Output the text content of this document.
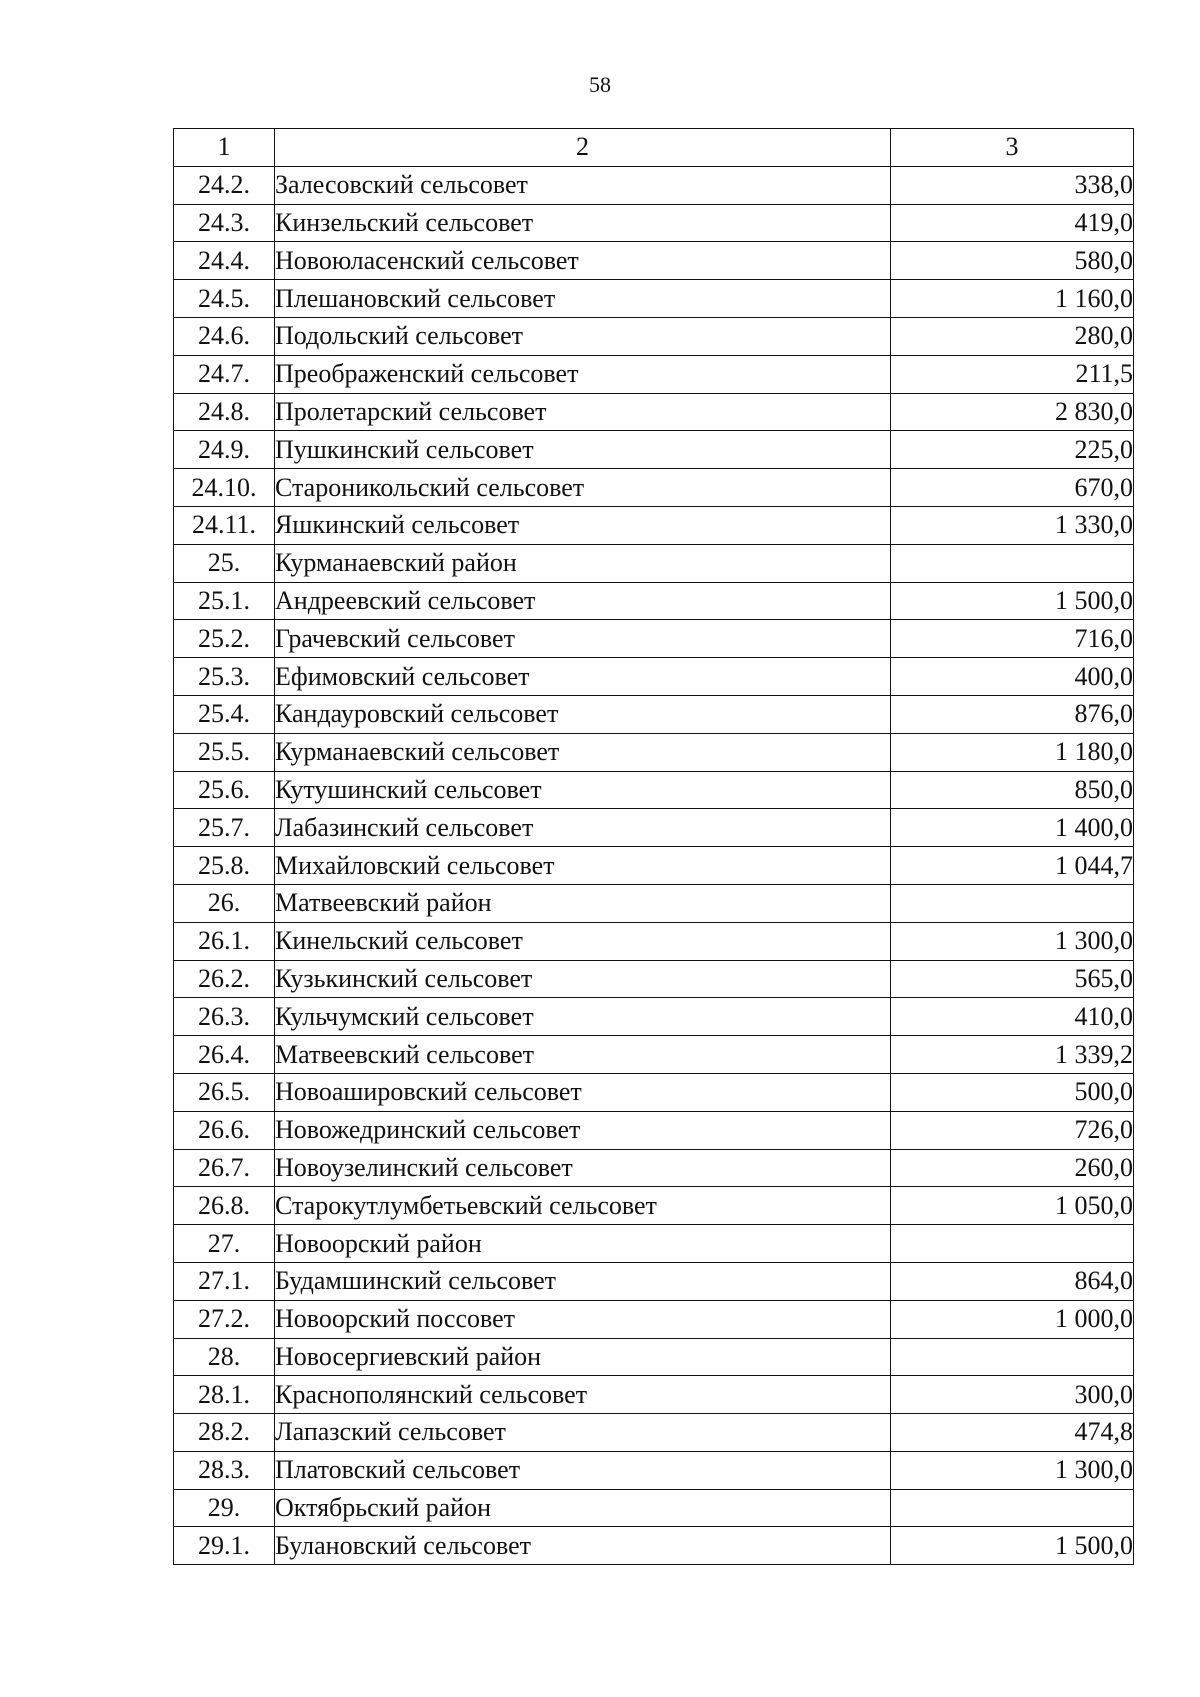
58
1	2	3
24.2.	Залесовский сельсовет	338,0
24.3.	Кинзельский сельсовет	419,0
24.4.	Новоюласенский сельсовет	580,0
24.5.	Плешановский сельсовет	1 160,0
24.6.	Подольский сельсовет	280,0
24.7.	Преображенский сельсовет	211,5
24.8.	Пролетарский сельсовет	2 830,0
24.9.	Пушкинский сельсовет	225,0
24.10.	Староникольский сельсовет	670,0
24.11.	Яшкинский сельсовет	1 330,0
25.	Курманаевский район	
25.1.	Андреевский сельсовет	1 500,0
25.2.	Грачевский сельсовет	716,0
25.3.	Ефимовский сельсовет	400,0
25.4.	Кандауровский сельсовет	876,0
25.5.	Курманаевский сельсовет	1 180,0
25.6.	Кутушинский сельсовет	850,0
25.7.	Лабазинский сельсовет	1 400,0
25.8.	Михайловский сельсовет	1 044,7
26.	Матвеевский район	
26.1.	Кинельский сельсовет	1 300,0
26.2.	Кузькинский сельсовет	565,0
26.3.	Кульчумский сельсовет	410,0
26.4.	Матвеевский сельсовет	1 339,2
26.5.	Новоашировский сельсовет	500,0
26.6.	Новожедринский сельсовет	726,0
26.7.	Новоузелинский сельсовет	260,0
26.8.	Старокутлумбетьевский сельсовет	1 050,0
27.	Новоорский район	
27.1.	Будамшинский сельсовет	864,0
27.2.	Новоорский поссовет	1 000,0
28.	Новосергиевский район	
28.1.	Краснополянский сельсовет	300,0
28.2.	Лапазский сельсовет	474,8
28.3.	Платовский сельсовет	1 300,0
29.	Октябрьский район	
29.1.	Булановский сельсовет	1 500,0
